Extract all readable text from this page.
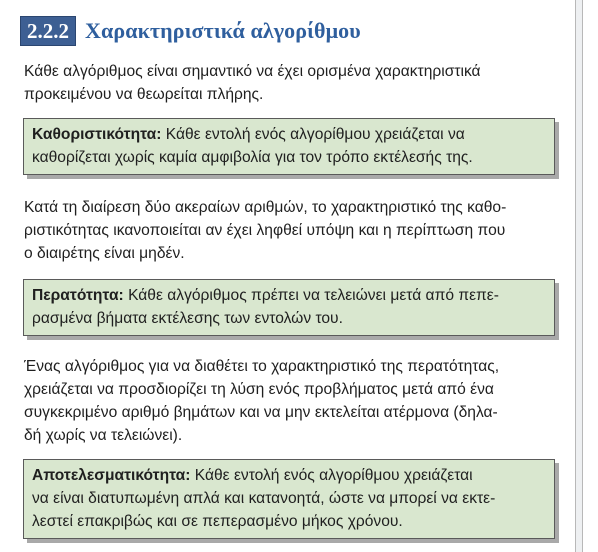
2.2.2 Χαρακτηριστικά αλγορίθμου
Κάθε αλγόριθμος είναι σημαντικό να έχει ορισμένα χαρακτηριστικά
προκειμένου να θεωρείται πλήρης.
Καθοριστικότητα: Κάθε εντολή ενός αλγορίθμου χρειάζεται να
καθορίζεται χωρίς καμία αμφιβολία για τον τρόπο εκτέλεσής της.
Κατά τη διαίρεση δύο ακεραίων αριθμών, το χαρακτηριστικό της καθο-
ριστικότητας ικανοποιείται αν έχει ληφθεί υπόψη και η περίπτωση που
ο διαιρέτης είναι μηδέν.
Περατότητα: Κάθε αλγόριθμος πρέπει να τελειώνει μετά από πεπε-
ρασμένα βήματα εκτέλεσης των εντολών του.
Ένας αλγόριθμος για να διαθέτει το χαρακτηριστικό της περατότητας,
χρειάζεται να προσδιορίζει τη λύση ενός προβλήματος μετά από ένα
συγκεκριμένο αριθμό βημάτων και να μην εκτελείται ατέρμονα (δηλα-
δή χωρίς να τελειώνει).
Αποτελεσματικότητα: Κάθε εντολή ενός αλγορίθμου χρειάζεται
να είναι διατυπωμένη απλά και κατανοητά, ώστε να μπορεί να εκτε-

λεστεί επακριβώς και σε πεπερασμένο μήκος χρόνου.
